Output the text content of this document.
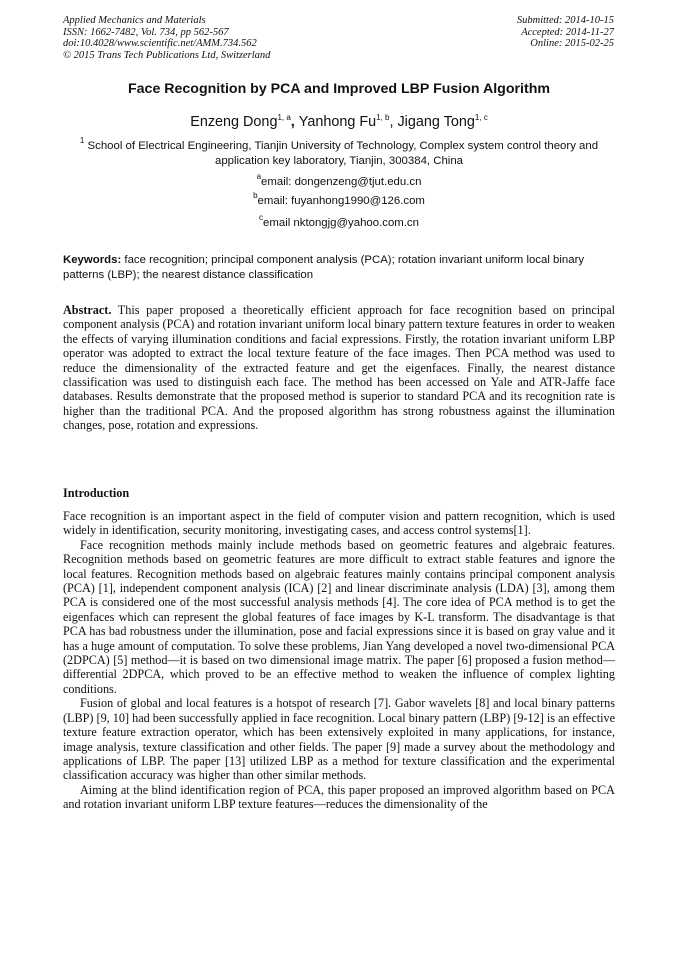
Applied Mechanics and Materials
ISSN: 1662-7482, Vol. 734, pp 562-567
doi:10.4028/www.scientific.net/AMM.734.562
© 2015 Trans Tech Publications Ltd, Switzerland
Submitted: 2014-10-15
Accepted: 2014-11-27
Online: 2015-02-25
Face Recognition by PCA and Improved LBP Fusion Algorithm
Enzeng Dong$^{1, a}$, Yanhong Fu$^{1, b}$, Jigang Tong$^{1, c}$
$^1$ School of Electrical Engineering, Tianjin University of Technology, Complex system control theory and application key laboratory, Tianjin, 300384, China
$^a$email: dongenzeng@tjut.edu.cn
$^b$email: fuyanhong1990@126.com
$^c$email nktongjg@yahoo.com.cn
Keywords: face recognition; principal component analysis (PCA); rotation invariant uniform local binary patterns (LBP); the nearest distance classification
Abstract. This paper proposed a theoretically efficient approach for face recognition based on principal component analysis (PCA) and rotation invariant uniform local binary pattern texture features in order to weaken the effects of varying illumination conditions and facial expressions. Firstly, the rotation invariant uniform LBP operator was adopted to extract the local texture feature of the face images. Then PCA method was used to reduce the dimensionality of the extracted feature and get the eigenfaces. Finally, the nearest distance classification was used to distinguish each face. The method has been accessed on Yale and ATR-Jaffe face databases. Results demonstrate that the proposed method is superior to standard PCA and its recognition rate is higher than the traditional PCA. And the proposed algorithm has strong robustness against the illumination changes, pose, rotation and expressions.
Introduction

Face recognition is an important aspect in the field of computer vision and pattern recognition, which is used widely in identification, security monitoring, investigating cases, and access control systems[1].

Face recognition methods mainly include methods based on geometric features and algebraic features. Recognition methods based on geometric features are more difficult to extract stable features and ignore the local features. Recognition methods based on algebraic features mainly contains principal component analysis (PCA) [1], independent component analysis (ICA) [2] and linear discriminate analysis (LDA) [3], among them PCA is considered one of the most successful analysis methods [4]. The core idea of PCA method is to get the eigenfaces which can represent the global features of face images by K-L transform. The disadvantage is that PCA has bad robustness under the illumination, pose and facial expressions since it is based on gray value and it has a huge amount of computation. To solve these problems, Jian Yang developed a novel two-dimensional PCA (2DPCA) [5] method—it is based on two dimensional image matrix. The paper [6] proposed a fusion method—differential 2DPCA, which proved to be an effective method to weaken the influence of complex lighting conditions.

Fusion of global and local features is a hotspot of research [7]. Gabor wavelets [8] and local binary patterns (LBP) [9, 10] had been successfully applied in face recognition. Local binary pattern (LBP) [9-12] is an effective texture feature extraction operator, which has been extensively exploited in many applications, for instance, image analysis, texture classification and other fields. The paper [9] made a survey about the methodology and applications of LBP. The paper [13] utilized LBP as a method for texture classification and the experimental classification accuracy was higher than other similar methods.

Aiming at the blind identification region of PCA, this paper proposed an improved algorithm based on PCA and rotation invariant uniform LBP texture features—reduces the dimensionality of the
